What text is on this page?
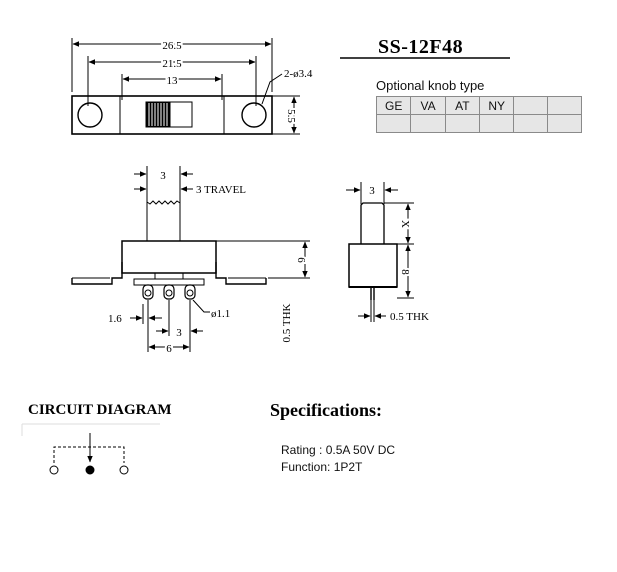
26.5
21.5
13
2-ø3.4
5.5
3
3 TRAVEL
1.6	ø1.1
3
6
6
0.5 THK
3
X
8
0.5 THK
SS-12F48
Optional knob type
GE	VA	AT	NY		

CIRCUIT DIAGRAM	Specifications:
Rating : 0.5A 50V DC
Function: 1P2T
